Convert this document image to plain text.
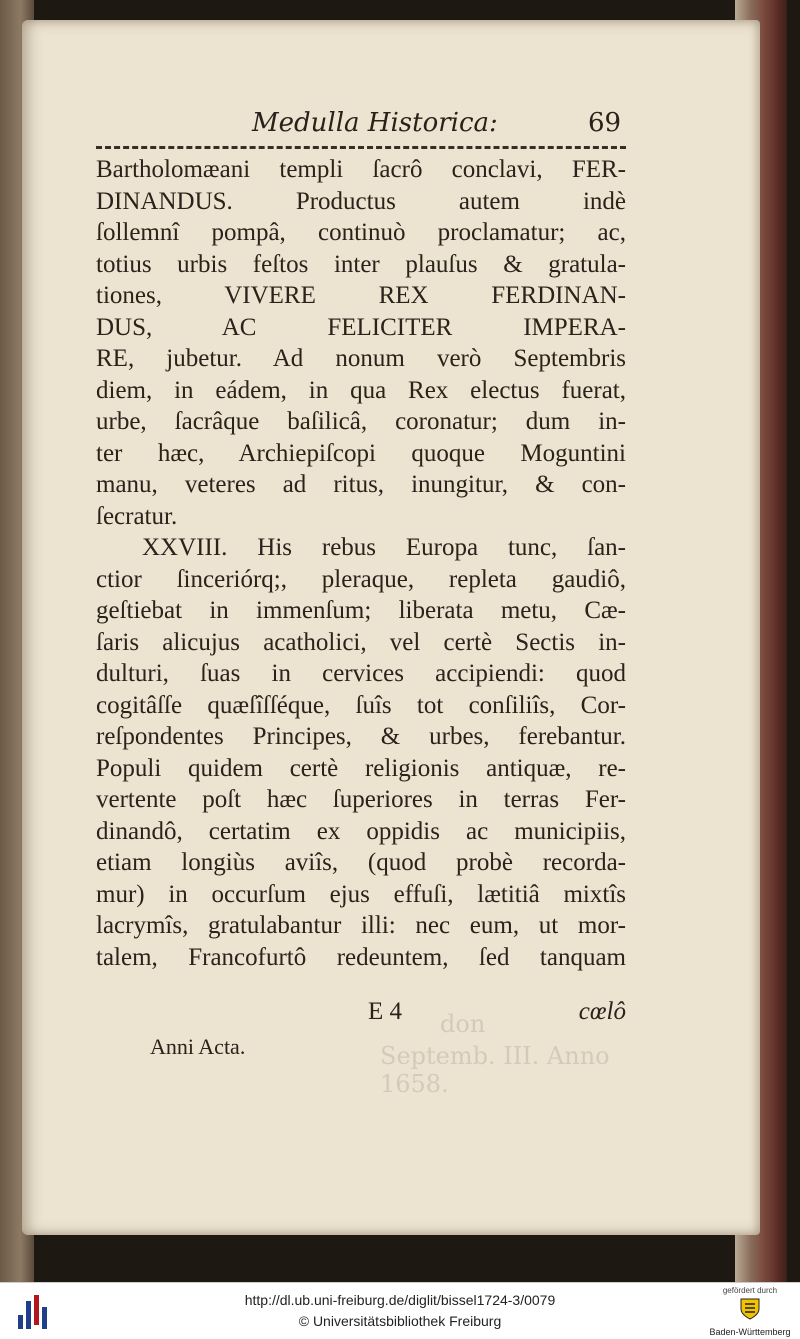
Medulla Historica:	69
Bartholomæani templi ſacrô conclavi, FER-
DINANDUS. Productus autem indè
ſollemnî pompâ, continuò proclamatur; ac,
totius urbis feſtos inter plauſus & gratula-
tiones, VIVERE REX FERDINAN-
DUS, AC FELICITER IMPERA-
RE, jubetur. Ad nonum verò Septembris
diem, in eádem, in qua Rex electus fuerat,
urbe, ſacrâque baſilicâ, coronatur; dum in-
ter hæc, Archiepiſcopi quoque Moguntini
manu, veteres ad ritus, inungitur, & con-
ſecratur.
XXVIII. His rebus Europa tunc, ſan-
ctior ſinceriórq;, pleraque, repleta gaudiô,
geſtiebat in immenſum; liberata metu, Cæ-
ſaris alicujus acatholici, vel certè Sectis in-
dulturi, ſuas in cervices accipiendi: quod
cogitâſſe quæſîſſéque, ſuîs tot conſiliîs, Cor-
reſpondentes Principes, & urbes, ferebantur.
Populi quidem certè religionis antiquæ, re-
vertente poſt hæc ſuperiores in terras Fer-
dinandô, certatim ex oppidis ac municipiis,
etiam longiùs aviîs, (quod probè recorda-
mur) in occurſum ejus effuſi, lætitiâ mixtîs
lacrymîs, gratulabantur illi: nec eum, ut mor-
talem, Francofurtô redeuntem, ſed tanquam
E 4	cœlô
don
Septemb. III. Anno 1658.
Anni Acta.
http://dl.ub.uni-freiburg.de/diglit/bissel1724-3/0079
© Universitätsbibliothek Freiburg
gefördert durch
Baden-Württemberg
